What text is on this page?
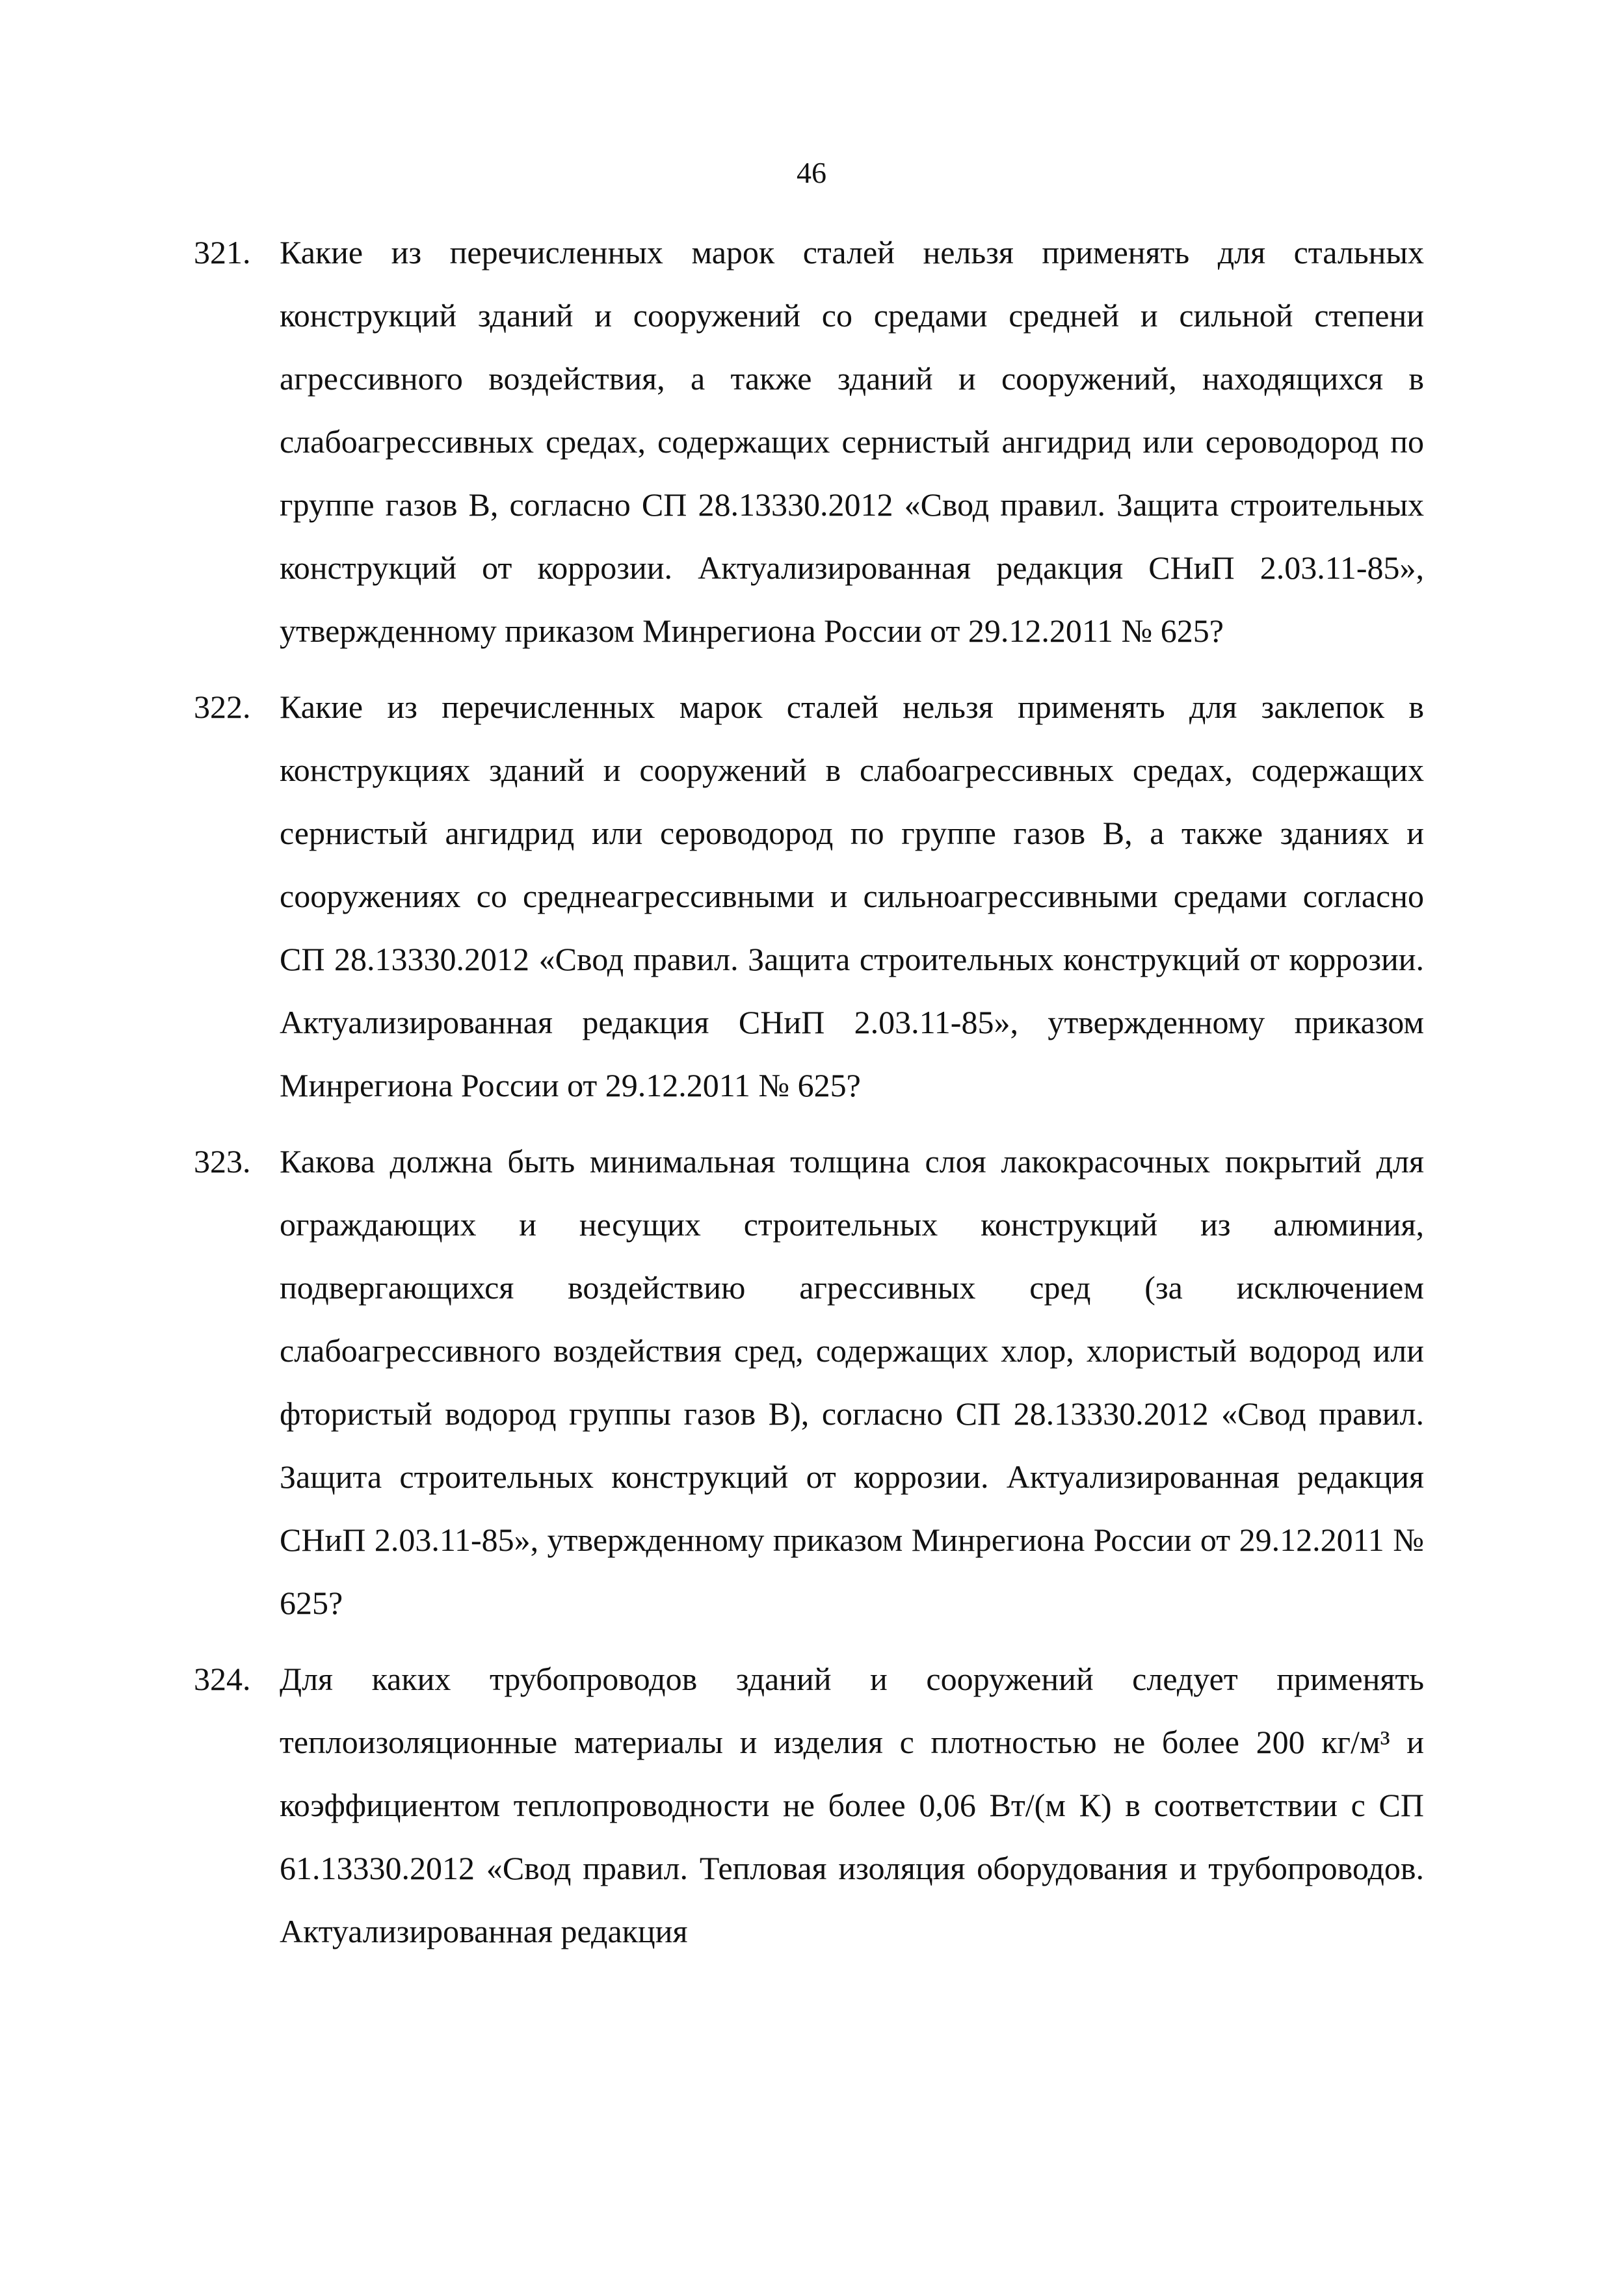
46
321. Какие из перечисленных марок сталей нельзя применять для стальных конструкций зданий и сооружений со средами средней и сильной степени агрессивного воздействия, а также зданий и сооружений, находящихся в слабоагрессивных средах, содержащих сернистый ангидрид или сероводород по группе газов В, согласно СП 28.13330.2012 «Свод правил. Защита строительных конструкций от коррозии. Актуализированная редакция СНиП 2.03.11-85», утвержденному приказом Минрегиона России от 29.12.2011 № 625?
322. Какие из перечисленных марок сталей нельзя применять для заклепок в конструкциях зданий и сооружений в слабоагрессивных средах, содержащих сернистый ангидрид или сероводород по группе газов В, а также зданиях и сооружениях со среднеагрессивными и сильноагрессивными средами согласно СП 28.13330.2012 «Свод правил. Защита строительных конструкций от коррозии. Актуализированная редакция СНиП 2.03.11-85», утвержденному приказом Минрегиона России от 29.12.2011 № 625?
323. Какова должна быть минимальная толщина слоя лакокрасочных покрытий для ограждающих и несущих строительных конструкций из алюминия, подвергающихся воздействию агрессивных сред (за исключением слабоагрессивного воздействия сред, содержащих хлор, хлористый водород или фтористый водород группы газов В), согласно СП 28.13330.2012 «Свод правил. Защита строительных конструкций от коррозии. Актуализированная редакция СНиП 2.03.11-85», утвержденному приказом Минрегиона России от 29.12.2011 № 625?
324. Для каких трубопроводов зданий и сооружений следует применять теплоизоляционные материалы и изделия с плотностью не более 200 кг/м³ и коэффициентом теплопроводности не более 0,06 Вт/(м К) в соответствии с СП 61.13330.2012 «Свод правил. Тепловая изоляция оборудования и трубопроводов. Актуализированная редакция
